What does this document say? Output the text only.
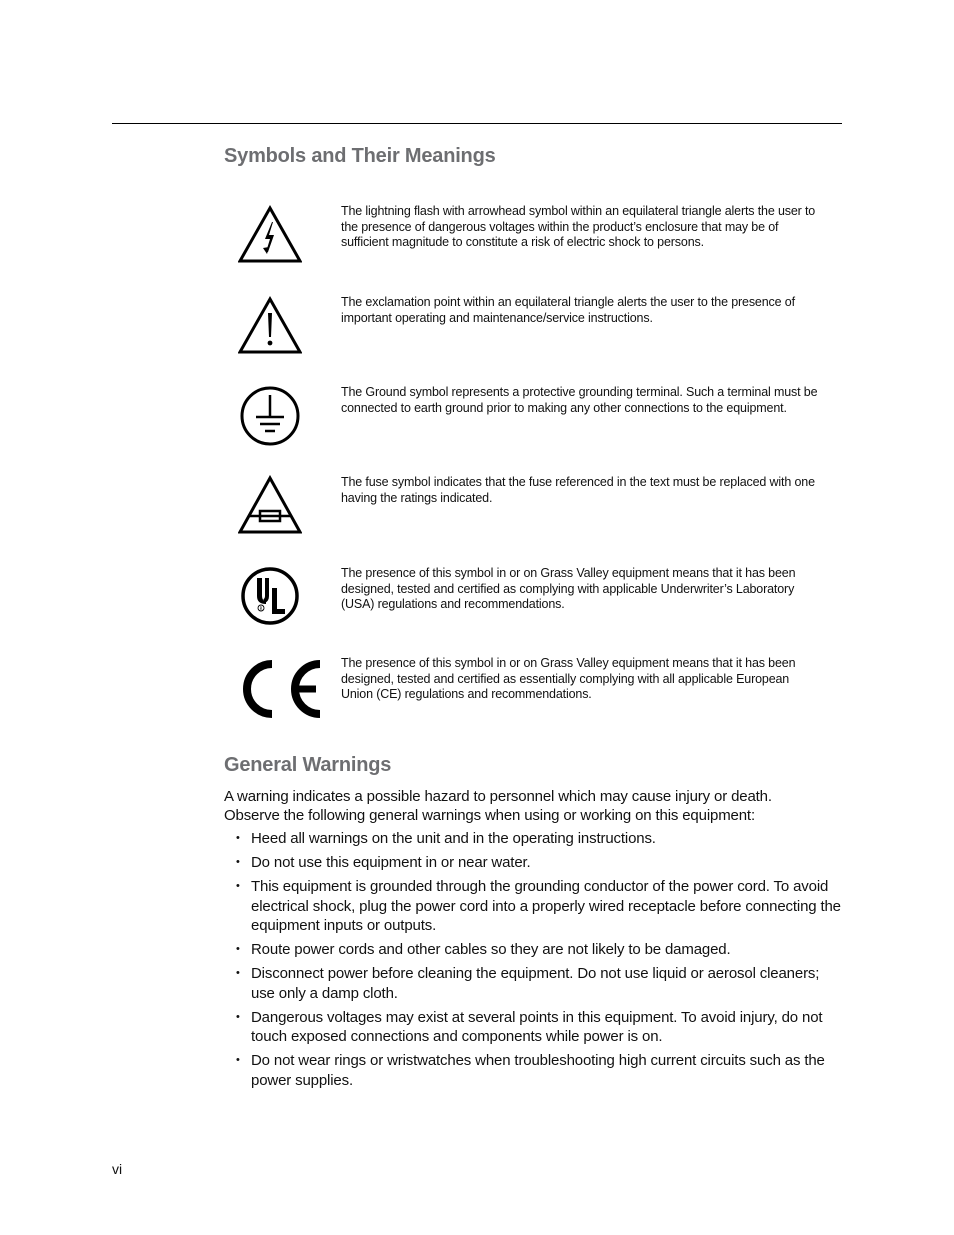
Symbols and Their Meanings

The lightning flash with arrowhead symbol within an equilateral triangle alerts the user to the presence of dangerous voltages within the product’s enclosure that may be of sufficient magnitude to constitute a risk of electric shock to persons.

The exclamation point within an equilateral triangle alerts the user to the presence of important operating and maintenance/service instructions.

The Ground symbol represents a protective grounding terminal. Such a terminal must be connected to earth ground prior to making any other connections to the equipment.

The fuse symbol indicates that the fuse referenced in the text must be replaced with one having the ratings indicated.

R

The presence of this symbol in or on Grass Valley equipment means that it has been designed, tested and certified as complying with applicable Underwriter’s Laboratory (USA) regulations and recommendations.

The presence of this symbol in or on Grass Valley equipment means that it has been designed, tested and certified as essentially complying with all applicable European Union (CE) regulations and recommendations.

General Warnings

A warning indicates a possible hazard to personnel which may cause injury or death. Observe the following general warnings when using or working on this equipment:

• Heed all warnings on the unit and in the operating instructions.
• Do not use this equipment in or near water.
• This equipment is grounded through the grounding conductor of the power cord. To avoid electrical shock, plug the power cord into a properly wired receptacle before connecting the equipment inputs or outputs.
• Route power cords and other cables so they are not likely to be damaged.
• Disconnect power before cleaning the equipment. Do not use liquid or aerosol cleaners; use only a damp cloth.
• Dangerous voltages may exist at several points in this equipment. To avoid injury, do not touch exposed connections and components while power is on.
• Do not wear rings or wristwatches when troubleshooting high current circuits such as the power supplies.
vi
